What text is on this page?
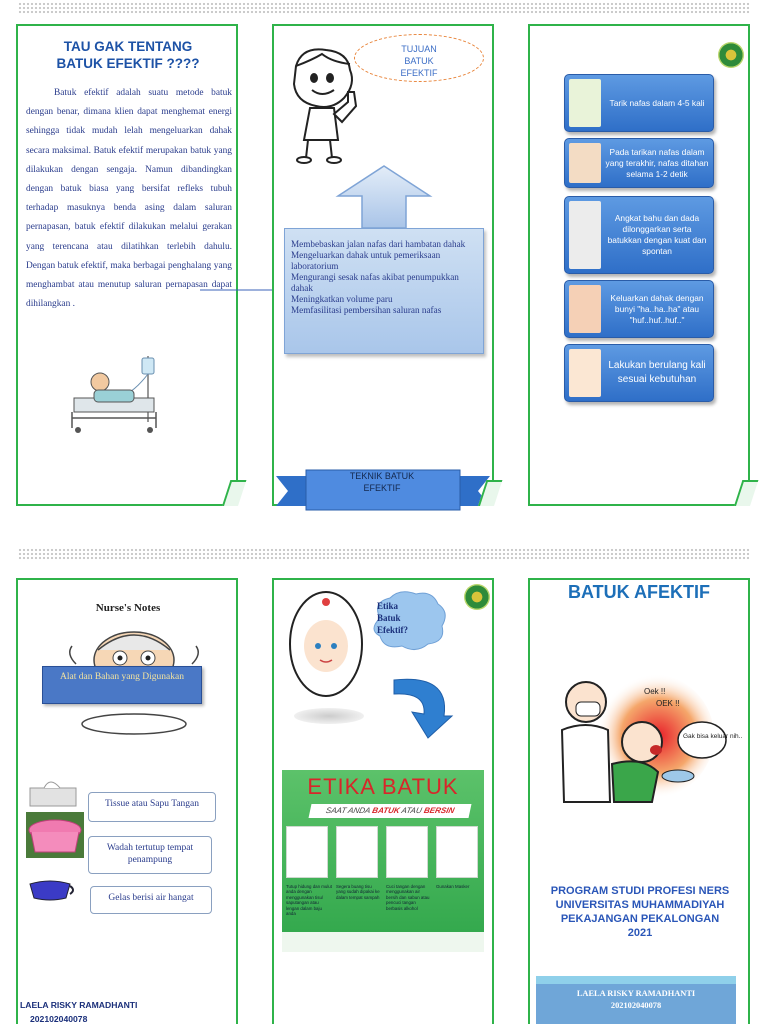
TAU GAK TENTANG
BATUK EFEKTIF ????

Batuk efektif adalah suatu metode batuk dengan benar, dimana klien dapat menghemat energi sehingga tidak mudah lelah mengeluarkan dahak secara maksimal. Batuk efektif merupakan batuk yang dilakukan dengan sengaja. Namun dibandingkan dengan batuk biasa yang bersifat refleks tubuh terhadap masuknya benda asing dalam saluran pernapasan, batuk efektif dilakukan melalui gerakan yang terencana atau dilatihkan terlebih dahulu. Dengan batuk efektif, maka berbagai penghalang yang menghambat atau menutup saluran pernapasan dapat dihilangkan .

TUJUAN
BATUK
EFEKTIF
Membebaskan jalan nafas dari hambatan dahak
Mengeluarkan dahak untuk pemeriksaan laboratorium
Mengurangi sesak nafas akibat penumpukkan dahak
Meningkatkan volume paru
Memfasilitasi pembersihan saluran nafas
TEKNIK BATUK
EFEKTIF
Tarik nafas dalam 4-5 kali
Pada tarikan nafas dalam yang terakhir, nafas ditahan selama 1-2 detik
Angkat bahu dan dada dilonggarkan serta batukkan dengan kuat dan spontan
Keluarkan dahak dengan bunyi "ha..ha..ha" atau "huf..huf..huf.."
Lakukan berulang kali sesuai kebutuhan
Nurse's Notes
Alat dan Bahan yang Digunakan
Tissue atau Sapu Tangan
Wadah tertutup tempat penampung
Gelas berisi air hangat
LAELA RISKY RAMADHANTI
202102040078
Etika
Batuk
Efektif?
ETIKA BATUK
SAAT ANDA BATUK ATAU BERSIN
Tutup hidung dan mulut anda dengan menggunakan tisu/ saputangan atau lengan dalam baju anda
Segera buang tisu yang sudah dipakai ke dalam tempat sampah
Cuci tangan dengan menggunakan air bersih dan sabun atau pencuci tangan berbasis alkohol
Gunakan Masker
BATUK AFEKTIF
Oek !!
OEK !!
Gak bisa keluar nih..
PROGRAM STUDI PROFESI NERS
UNIVERSITAS MUHAMMADIYAH
PEKAJANGAN PEKALONGAN
2021
LAELA RISKY RAMADHANTI
202102040078
